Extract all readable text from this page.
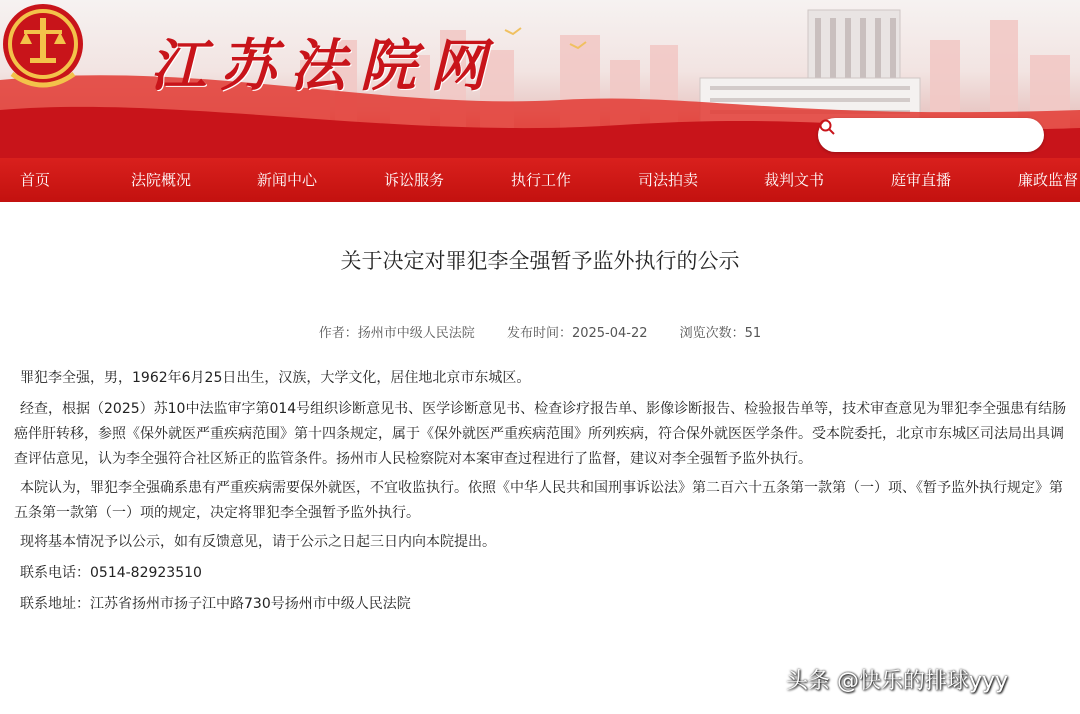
江苏法院网
首页	法院概况	新闻中心	诉讼服务	执行工作	司法拍卖	裁判文书	庭审直播	廉政监督
关于决定对罪犯李全强暂予监外执行的公示
作者：扬州市中级人民法院 发布时间：2025-04-22 浏览次数：51

罪犯李全强，男，1962年6月25日出生，汉族，大学文化，居住地北京市东城区。

经查，根据（2025）苏10中法监审字第014号组织诊断意见书、医学诊断意见书、检查诊疗报告单、影像诊断报告、检验报告单等，技术审查意见为罪犯李全强患有结肠癌伴肝转移，参照《保外就医严重疾病范围》第十四条规定，属于《保外就医严重疾病范围》所列疾病，符合保外就医医学条件。受本院委托，北京市东城区司法局出具调查评估意见，认为李全强符合社区矫正的监管条件。扬州市人民检察院对本案审查过程进行了监督，建议对李全强暂予监外执行。

本院认为，罪犯李全强确系患有严重疾病需要保外就医，不宜收监执行。依照《中华人民共和国刑事诉讼法》第二百六十五条第一款第（一）项、《暂予监外执行规定》第五条第一款第（一）项的规定，决定将罪犯李全强暂予监外执行。

现将基本情况予以公示，如有反馈意见，请于公示之日起三日内向本院提出。

联系电话：0514-82923510

联系地址：江苏省扬州市扬子江中路730号扬州市中级人民法院

头条 @快乐的排球yyy
